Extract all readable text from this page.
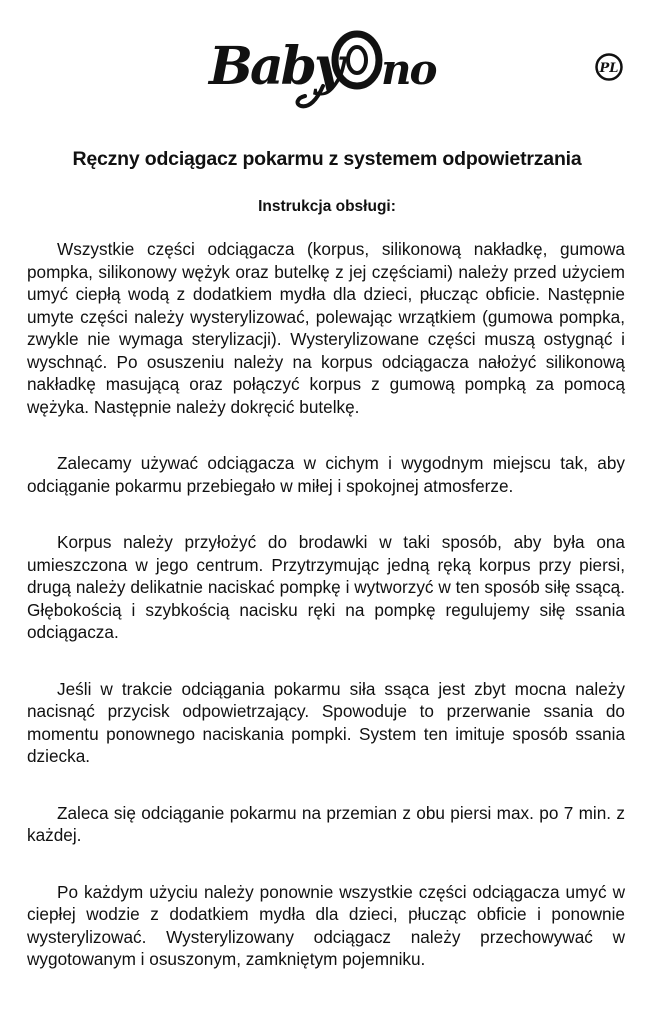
Baby no	PL
Ręczny odciągacz pokarmu z systemem odpowietrzania
Instrukcja obsługi:

Wszystkie części odciągacza (korpus, silikonową nakładkę, gumowa pompka, silikonowy wężyk oraz butelkę z jej częściami) należy przed użyciem umyć ciepłą wodą z dodatkiem mydła dla dzieci, płucząc obficie. Następnie umyte części należy wysterylizować, polewając wrzątkiem (gumowa pompka, zwykle nie wymaga sterylizacji). Wysterylizowane części muszą ostygnąć i wyschnąć. Po osuszeniu należy na korpus odciągacza nałożyć silikonową nakładkę masującą oraz połączyć korpus z gumową pompką za pomocą wężyka. Następnie należy dokręcić butelkę.

Zalecamy używać odciągacza w cichym i wygodnym miejscu tak, aby odciąganie pokarmu przebiegało w miłej i spokojnej atmosferze.

Korpus należy przyłożyć do brodawki w taki sposób, aby była ona umieszczona w jego centrum. Przytrzymując jedną ręką korpus przy piersi, drugą należy delikatnie naciskać pompkę i wytworzyć w ten sposób siłę ssącą. Głębokością i szybkością nacisku ręki na pompkę regulujemy siłę ssania odciągacza.

Jeśli w trakcie odciągania pokarmu siła ssąca jest zbyt mocna należy nacisnąć przycisk odpowietrzający. Spowoduje to przerwanie ssania do momentu ponownego naciskania pompki. System ten imituje sposób ssania dziecka.

Zaleca się odciąganie pokarmu na przemian z obu piersi max. po 7 min. z każdej.

Po każdym użyciu należy ponownie wszystkie części odciągacza umyć w ciepłej wodzie z dodatkiem mydła dla dzieci, płucząc obficie i ponownie wysterylizować. Wysterylizowany odciągacz należy przechowywać w wygotowanym i osuszonym, zamkniętym pojemniku.
